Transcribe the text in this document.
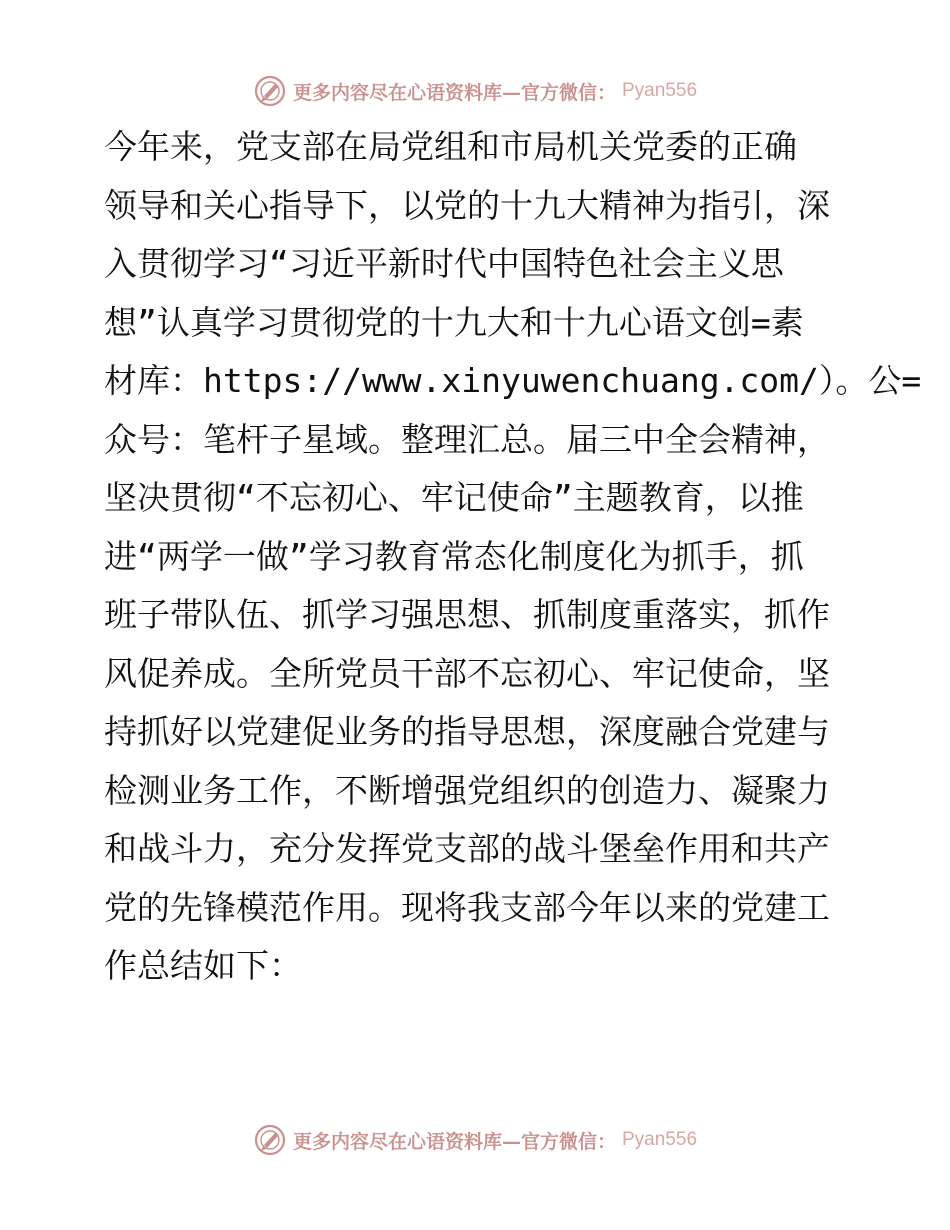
更多内容尽在心语资料库—官方微信： Pyan556

今年来，党支部在局党组和市局机关党委的正确
领导和关心指导下，以党的十九大精神为指引，深
入贯彻学习“习近平新时代中国特色社会主义思
想”认真学习贯彻党的十九大和十九心语文创=素
材库：https://www.xinyuwenchuang.com/）。公=
众号：笔杆子星域。整理汇总。届三中全会精神，
坚决贯彻“不忘初心、牢记使命”主题教育，以推
进“两学一做”学习教育常态化制度化为抓手，抓
班子带队伍、抓学习强思想、抓制度重落实，抓作
风促养成。全所党员干部不忘初心、牢记使命，坚
持抓好以党建促业务的指导思想，深度融合党建与
检测业务工作，不断增强党组织的创造力、凝聚力
和战斗力，充分发挥党支部的战斗堡垒作用和共产
党的先锋模范作用。现将我支部今年以来的党建工
作总结如下：

更多内容尽在心语资料库—官方微信： Pyan556
